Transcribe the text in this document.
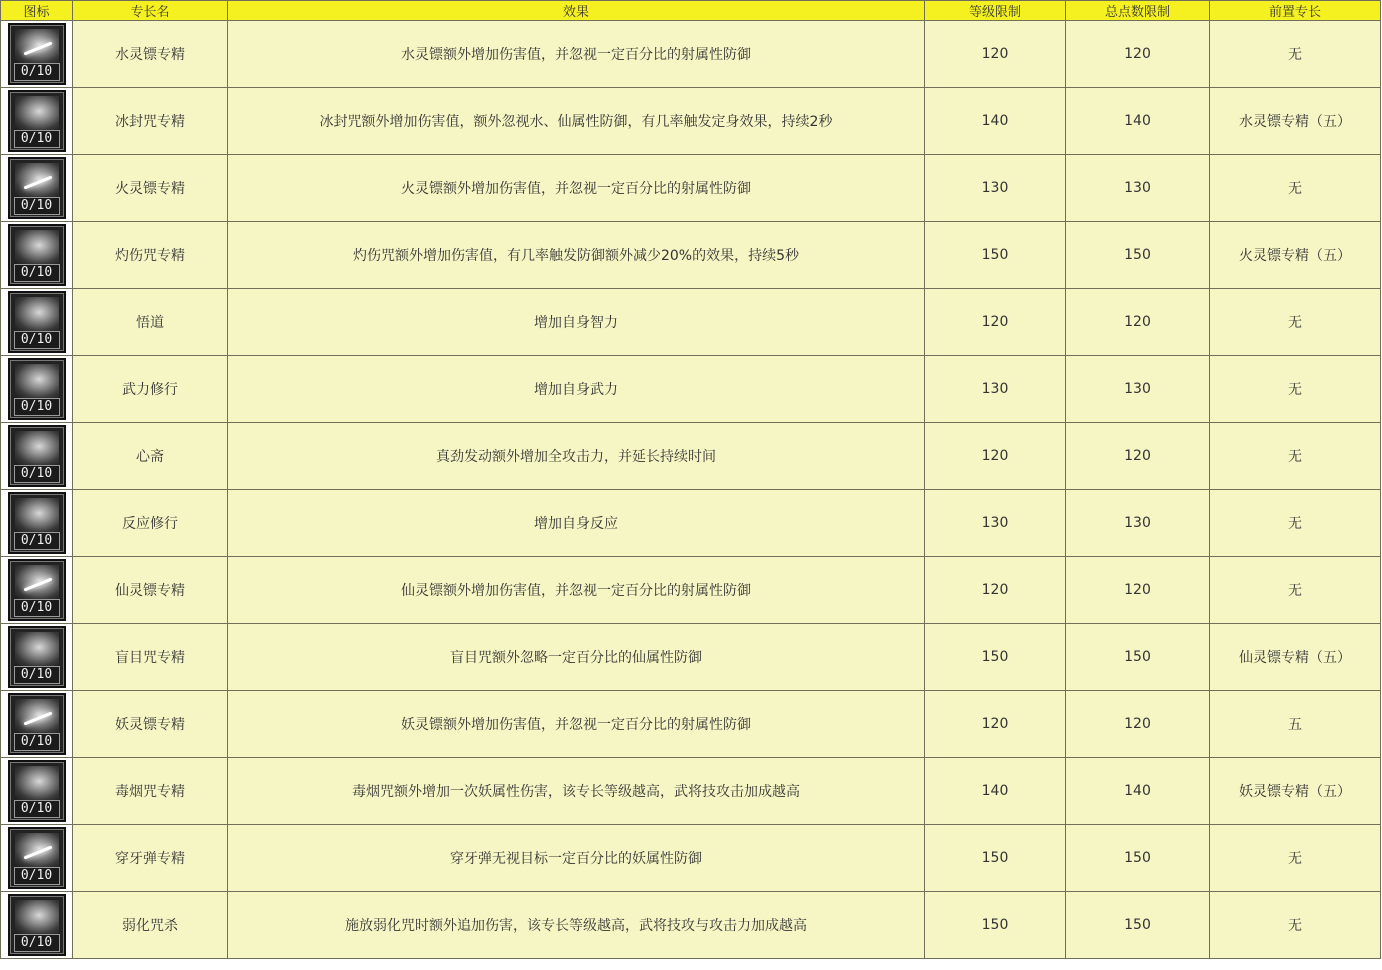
图标	专长名	效果	等级限制	总点数限制	前置专长

0/10	水灵镖专精	水灵镖额外增加伤害值，并忽视一定百分比的射属性防御	120	120	无

0/10	冰封咒专精	冰封咒额外增加伤害值，额外忽视水、仙属性防御，有几率触发定身效果，持续2秒	140	140	水灵镖专精（五）

0/10	火灵镖专精	火灵镖额外增加伤害值，并忽视一定百分比的射属性防御	130	130	无

0/10	灼伤咒专精	灼伤咒额外增加伤害值，有几率触发防御额外减少20%的效果，持续5秒	150	150	火灵镖专精（五）

0/10	悟道	增加自身智力	120	120	无

0/10	武力修行	增加自身武力	130	130	无

0/10	心斋	真劲发动额外增加全攻击力，并延长持续时间	120	120	无

0/10	反应修行	增加自身反应	130	130	无

0/10	仙灵镖专精	仙灵镖额外增加伤害值，并忽视一定百分比的射属性防御	120	120	无

0/10	盲目咒专精	盲目咒额外忽略一定百分比的仙属性防御	150	150	仙灵镖专精（五）

0/10	妖灵镖专精	妖灵镖额外增加伤害值，并忽视一定百分比的射属性防御	120	120	五

0/10	毒烟咒专精	毒烟咒额外增加一次妖属性伤害，该专长等级越高，武将技攻击加成越高	140	140	妖灵镖专精（五）

0/10	穿牙弹专精	穿牙弹无视目标一定百分比的妖属性防御	150	150	无

0/10	弱化咒杀	施放弱化咒时额外追加伤害，该专长等级越高，武将技攻与攻击力加成越高	150	150	无
